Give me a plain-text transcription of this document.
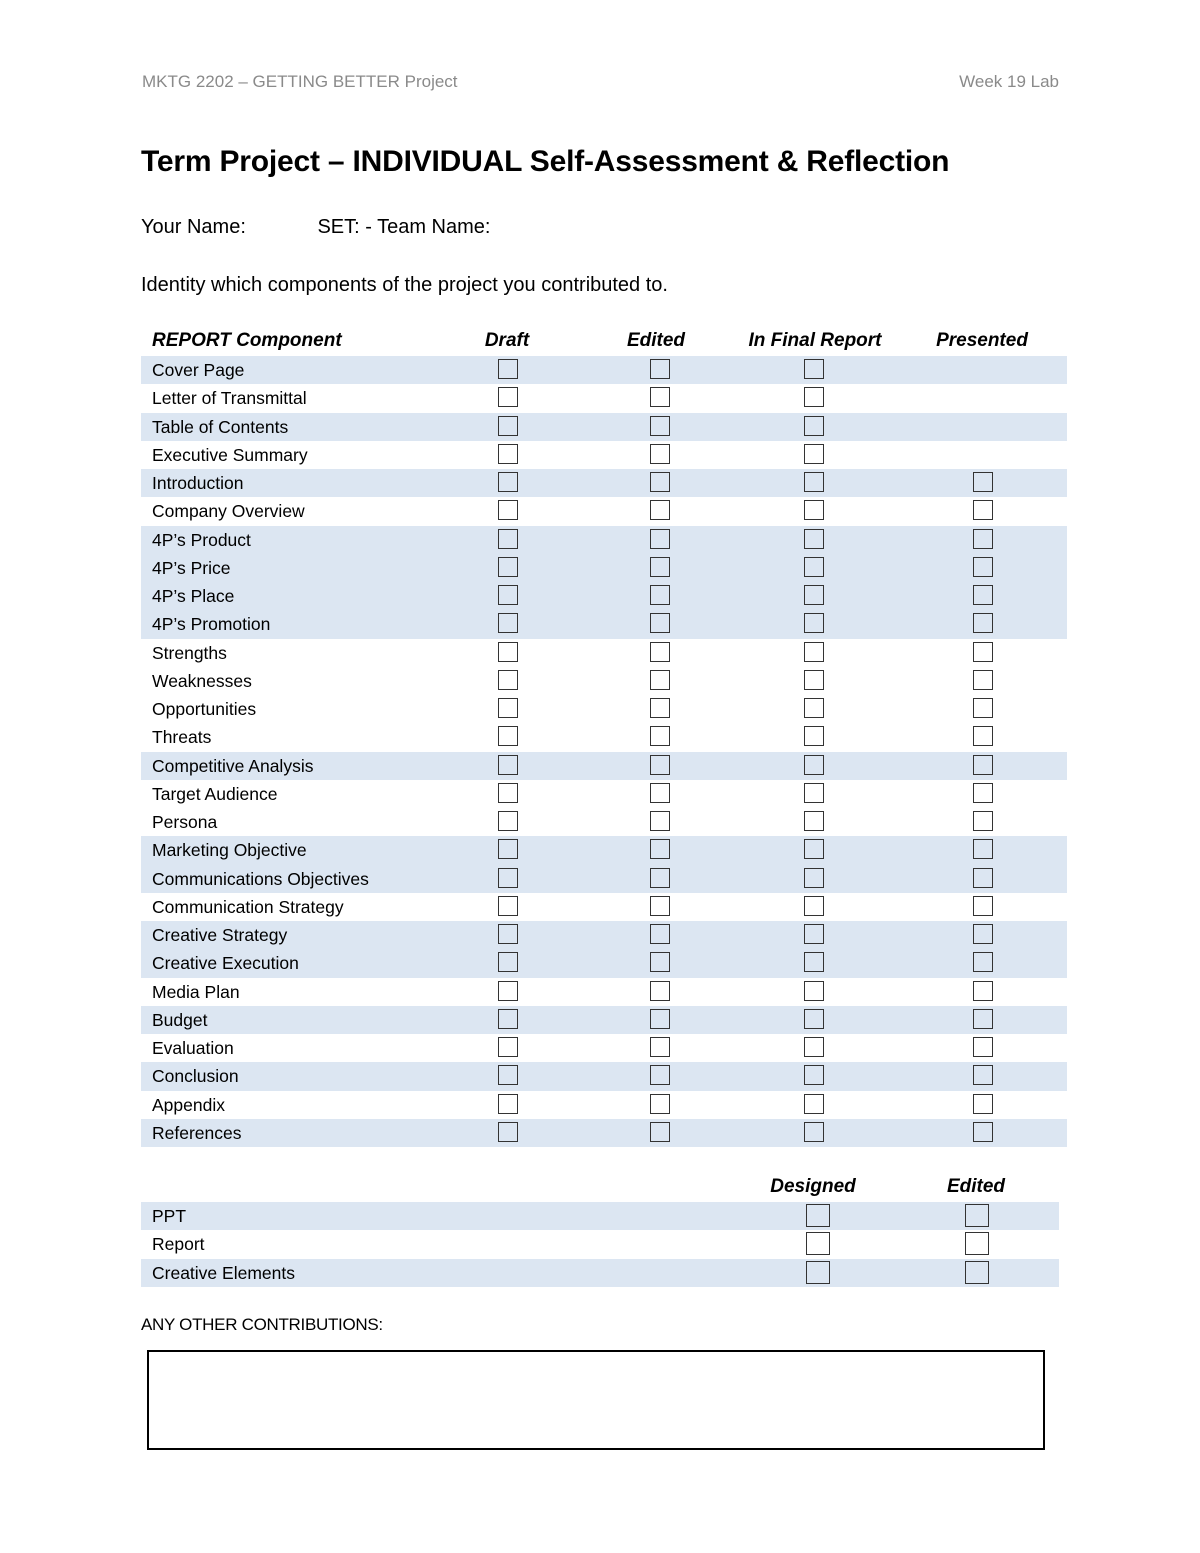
MKTG 2202 – GETTING BETTER Project	Week 19 Lab
Term Project – INDIVIDUAL Self-Assessment & Reflection
Your Name:	SET: - Team Name:
Identity which components of the project you contributed to.
REPORT Component	Draft	Edited	In Final Report	Presented
Cover Page
Letter of Transmittal
Table of Contents
Executive Summary
Introduction
Company Overview
4P’s Product
4P’s Price
4P’s Place
4P’s Promotion
Strengths
Weaknesses
Opportunities
Threats
Competitive Analysis
Target Audience
Persona
Marketing Objective
Communications Objectives
Communication Strategy
Creative Strategy
Creative Execution
Media Plan
Budget
Evaluation
Conclusion
Appendix
References
Designed	Edited
PPT
Report
Creative Elements
ANY OTHER CONTRIBUTIONS:
